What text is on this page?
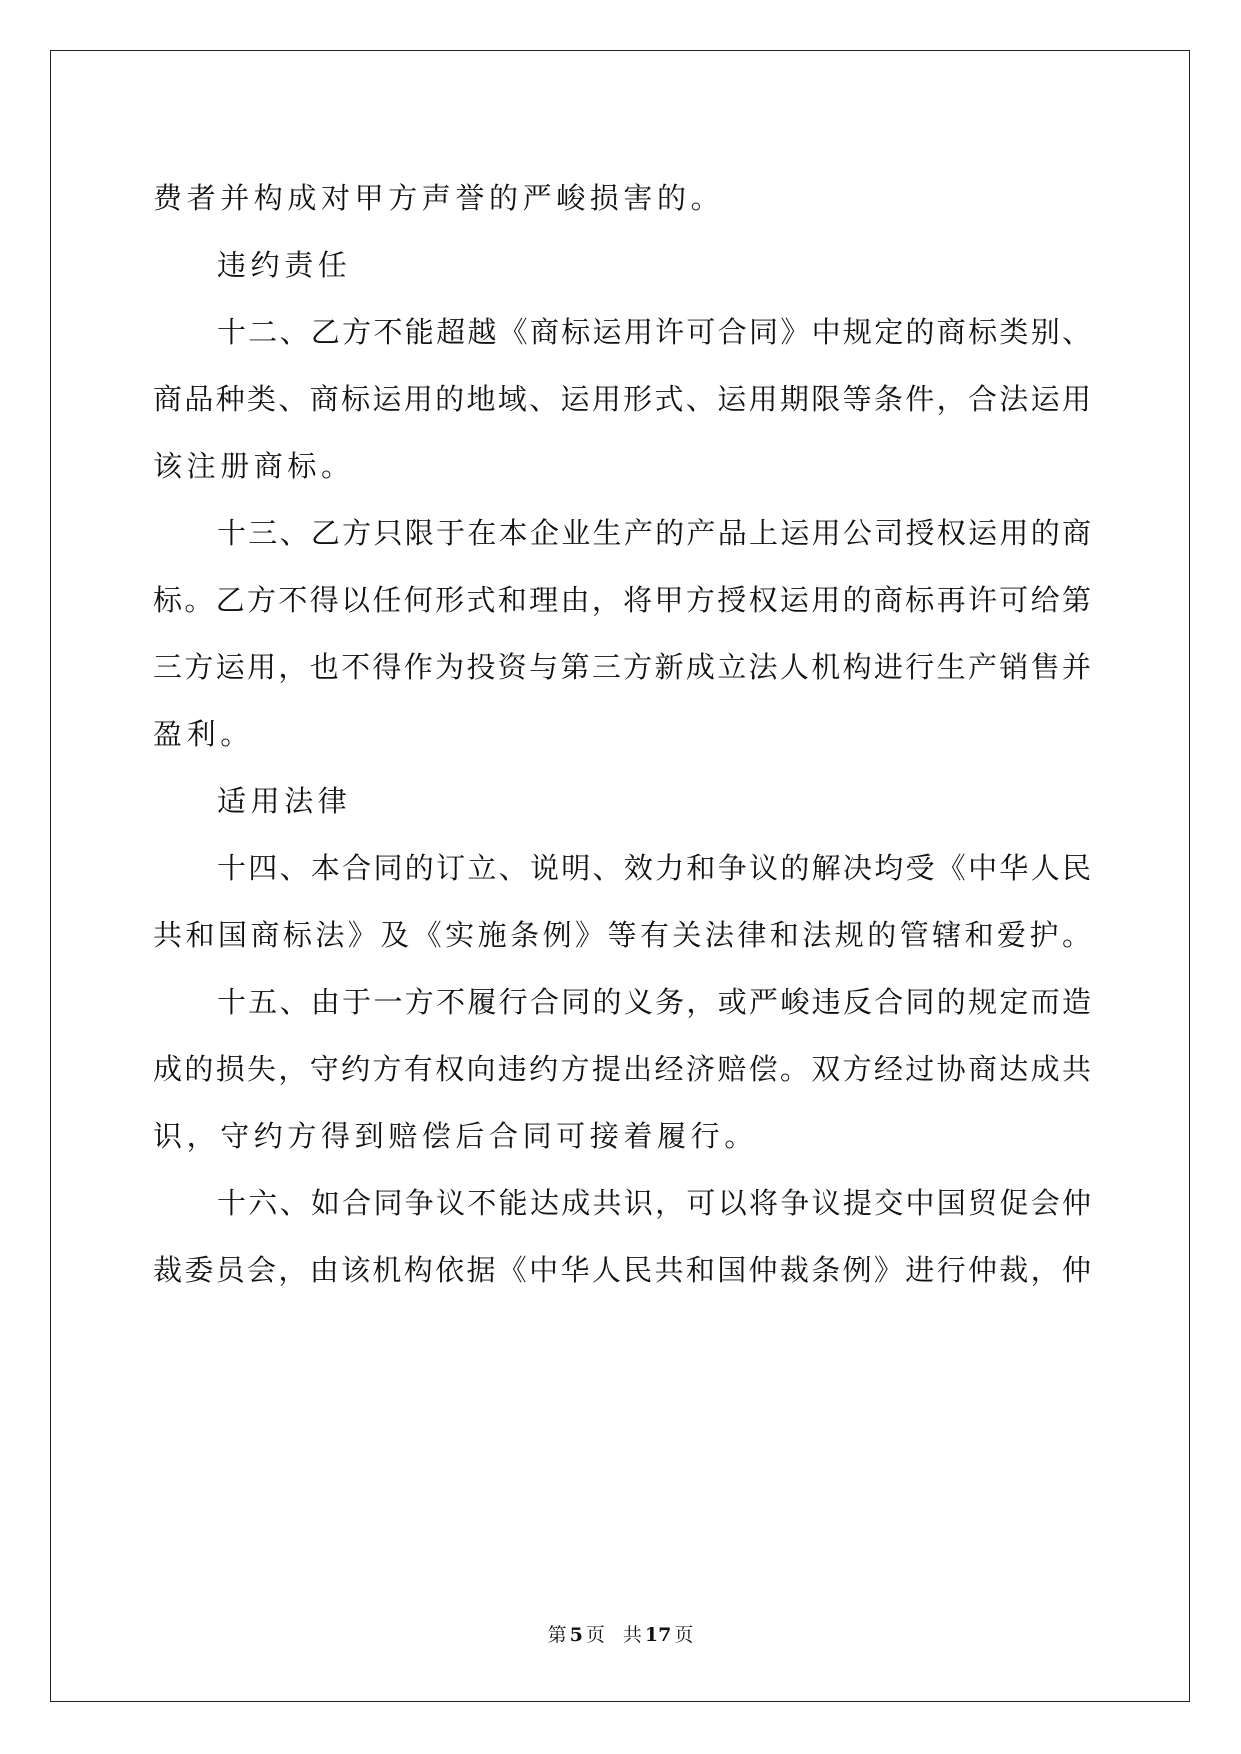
费者并构成对甲方声誉的严峻损害的。
违约责任
十二、乙方不能超越《商标运用许可合同》中规定的商标类别、
商品种类、商标运用的地域、运用形式、运用期限等条件，合法运用
该注册商标。
十三、乙方只限于在本企业生产的产品上运用公司授权运用的商
标。乙方不得以任何形式和理由，将甲方授权运用的商标再许可给第
三方运用，也不得作为投资与第三方新成立法人机构进行生产销售并
盈利。
适用法律
十四、本合同的订立、说明、效力和争议的解决均受《中华人民
共和国商标法》及《实施条例》等有关法律和法规的管辖和爱护。
十五、由于一方不履行合同的义务，或严峻违反合同的规定而造
成的损失，守约方有权向违约方提出经济赔偿。双方经过协商达成共
识，守约方得到赔偿后合同可接着履行。
十六、如合同争议不能达成共识，可以将争议提交中国贸促会仲
裁委员会，由该机构依据《中华人民共和国仲裁条例》进行仲裁，仲
第 5 页 共 17 页
